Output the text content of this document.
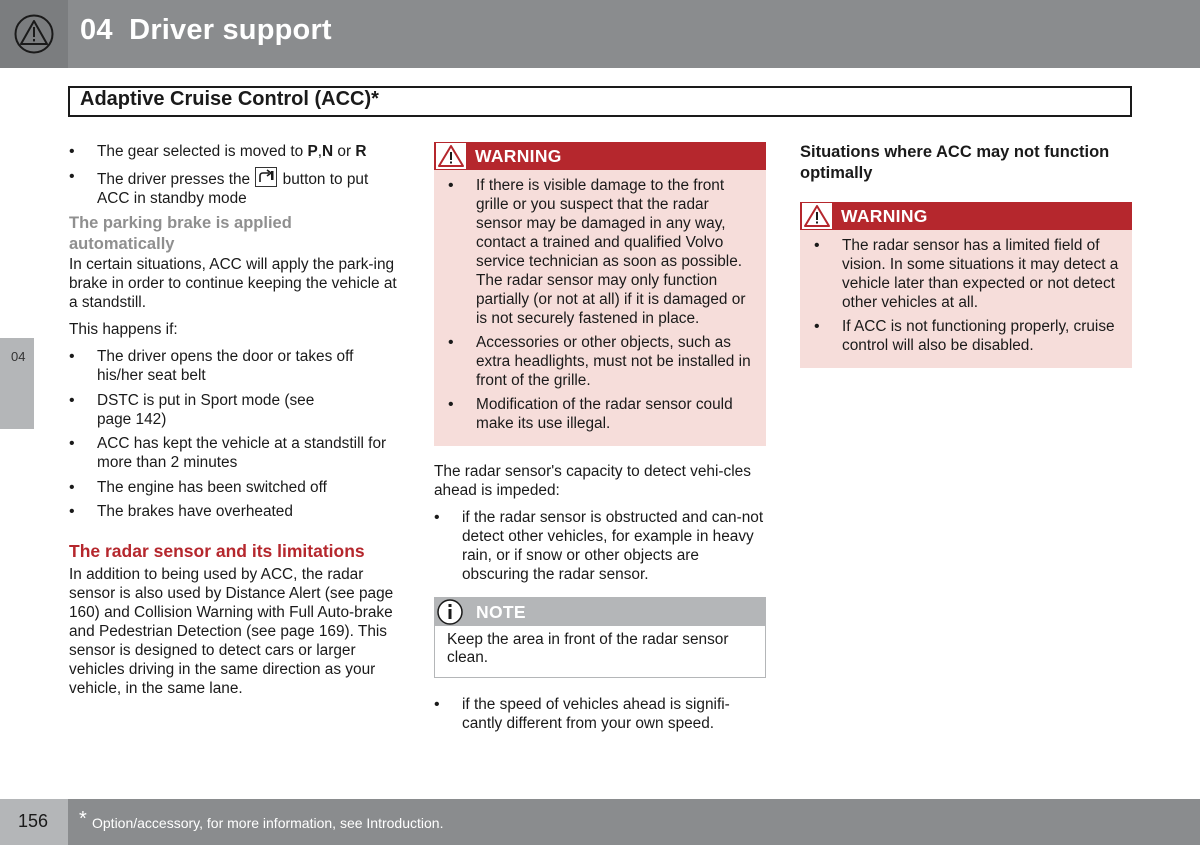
04  Driver support
Adaptive Cruise Control (ACC)*
04
• The gear selected is moved to P,N or R
• The driver presses the
button to put ACC in standby mode
The parking brake is applied automatically
In certain situations, ACC will apply the park-ing brake in order to continue keeping the vehicle at a standstill.
This happens if:
• The driver opens the door or takes off his/her seat belt
• DSTC is put in Sport mode (see page 142)
• ACC has kept the vehicle at a standstill for more than 2 minutes
• The engine has been switched off
• The brakes have overheated
The radar sensor and its limitations
In addition to being used by ACC, the radar sensor is also used by Distance Alert (see page 160) and Collision Warning with Full Auto-brake and Pedestrian Detection (see page 169). This sensor is designed to detect cars or larger vehicles driving in the same direction as your vehicle, in the same lane.
WARNING
• If there is visible damage to the front grille or you suspect that the radar sensor may be damaged in any way, contact a trained and qualified Volvo service technician as soon as possible. The radar sensor may only function partially (or not at all) if it is damaged or is not securely fastened in place.
• Accessories or other objects, such as extra headlights, must not be installed in front of the grille.
• Modification of the radar sensor could make its use illegal.
The radar sensor's capacity to detect vehi-cles ahead is impeded:
• if the radar sensor is obstructed and can-not detect other vehicles, for example in heavy rain, or if snow or other objects are obscuring the radar sensor.
NOTE
Keep the area in front of the radar sensor clean.
• if the speed of vehicles ahead is signifi-cantly different from your own speed.
Situations where ACC may not function optimally
WARNING
• The radar sensor has a limited field of vision. In some situations it may detect a vehicle later than expected or not detect other vehicles at all.
• If ACC is not functioning properly, cruise control will also be disabled.
156 * Option/accessory, for more information, see Introduction.
